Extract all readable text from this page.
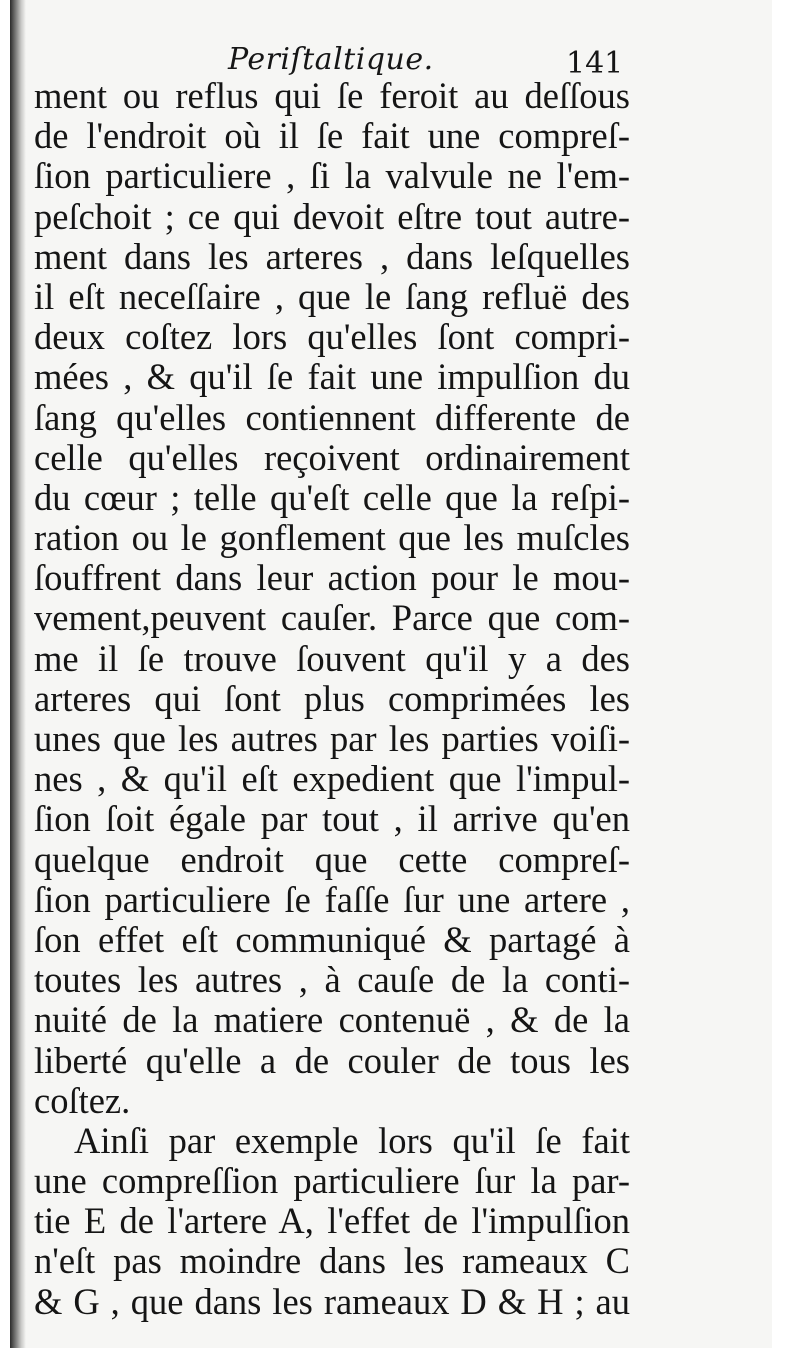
Periſtaltique.	141
ment ou reflus qui ſe feroit au deſſous
de l'endroit où il ſe fait une compreſ-
ſion particuliere , ſi la valvule ne l'em-
peſchoit ; ce qui devoit eſtre tout autre-
ment dans les arteres , dans leſquelles
il eſt neceſſaire , que le ſang refluë des
deux coſtez lors qu'elles ſont compri-
mées , & qu'il ſe fait une impulſion du
ſang qu'elles contiennent differente de
celle qu'elles reçoivent ordinairement
du cœur ; telle qu'eſt celle que la reſpi-
ration ou le gonflement que les muſcles
ſouffrent dans leur action pour le mou-
vement,peuvent cauſer. Parce que com-
me il ſe trouve ſouvent qu'il y a des
arteres qui ſont plus comprimées les
unes que les autres par les parties voiſi-
nes , & qu'il eſt expedient que l'impul-
ſion ſoit égale par tout , il arrive qu'en
quelque endroit que cette compreſ-
ſion particuliere ſe faſſe ſur une artere ,
ſon effet eſt communiqué & partagé à
toutes les autres , à cauſe de la conti-
nuité de la matiere contenuë , & de la
liberté qu'elle a de couler de tous les
coſtez.
Ainſi par exemple lors qu'il ſe fait
une compreſſion particuliere ſur la par-
tie E de l'artere A, l'effet de l'impulſion
n'eſt pas moindre dans les rameaux C
& G , que dans les rameaux D & H ; au
